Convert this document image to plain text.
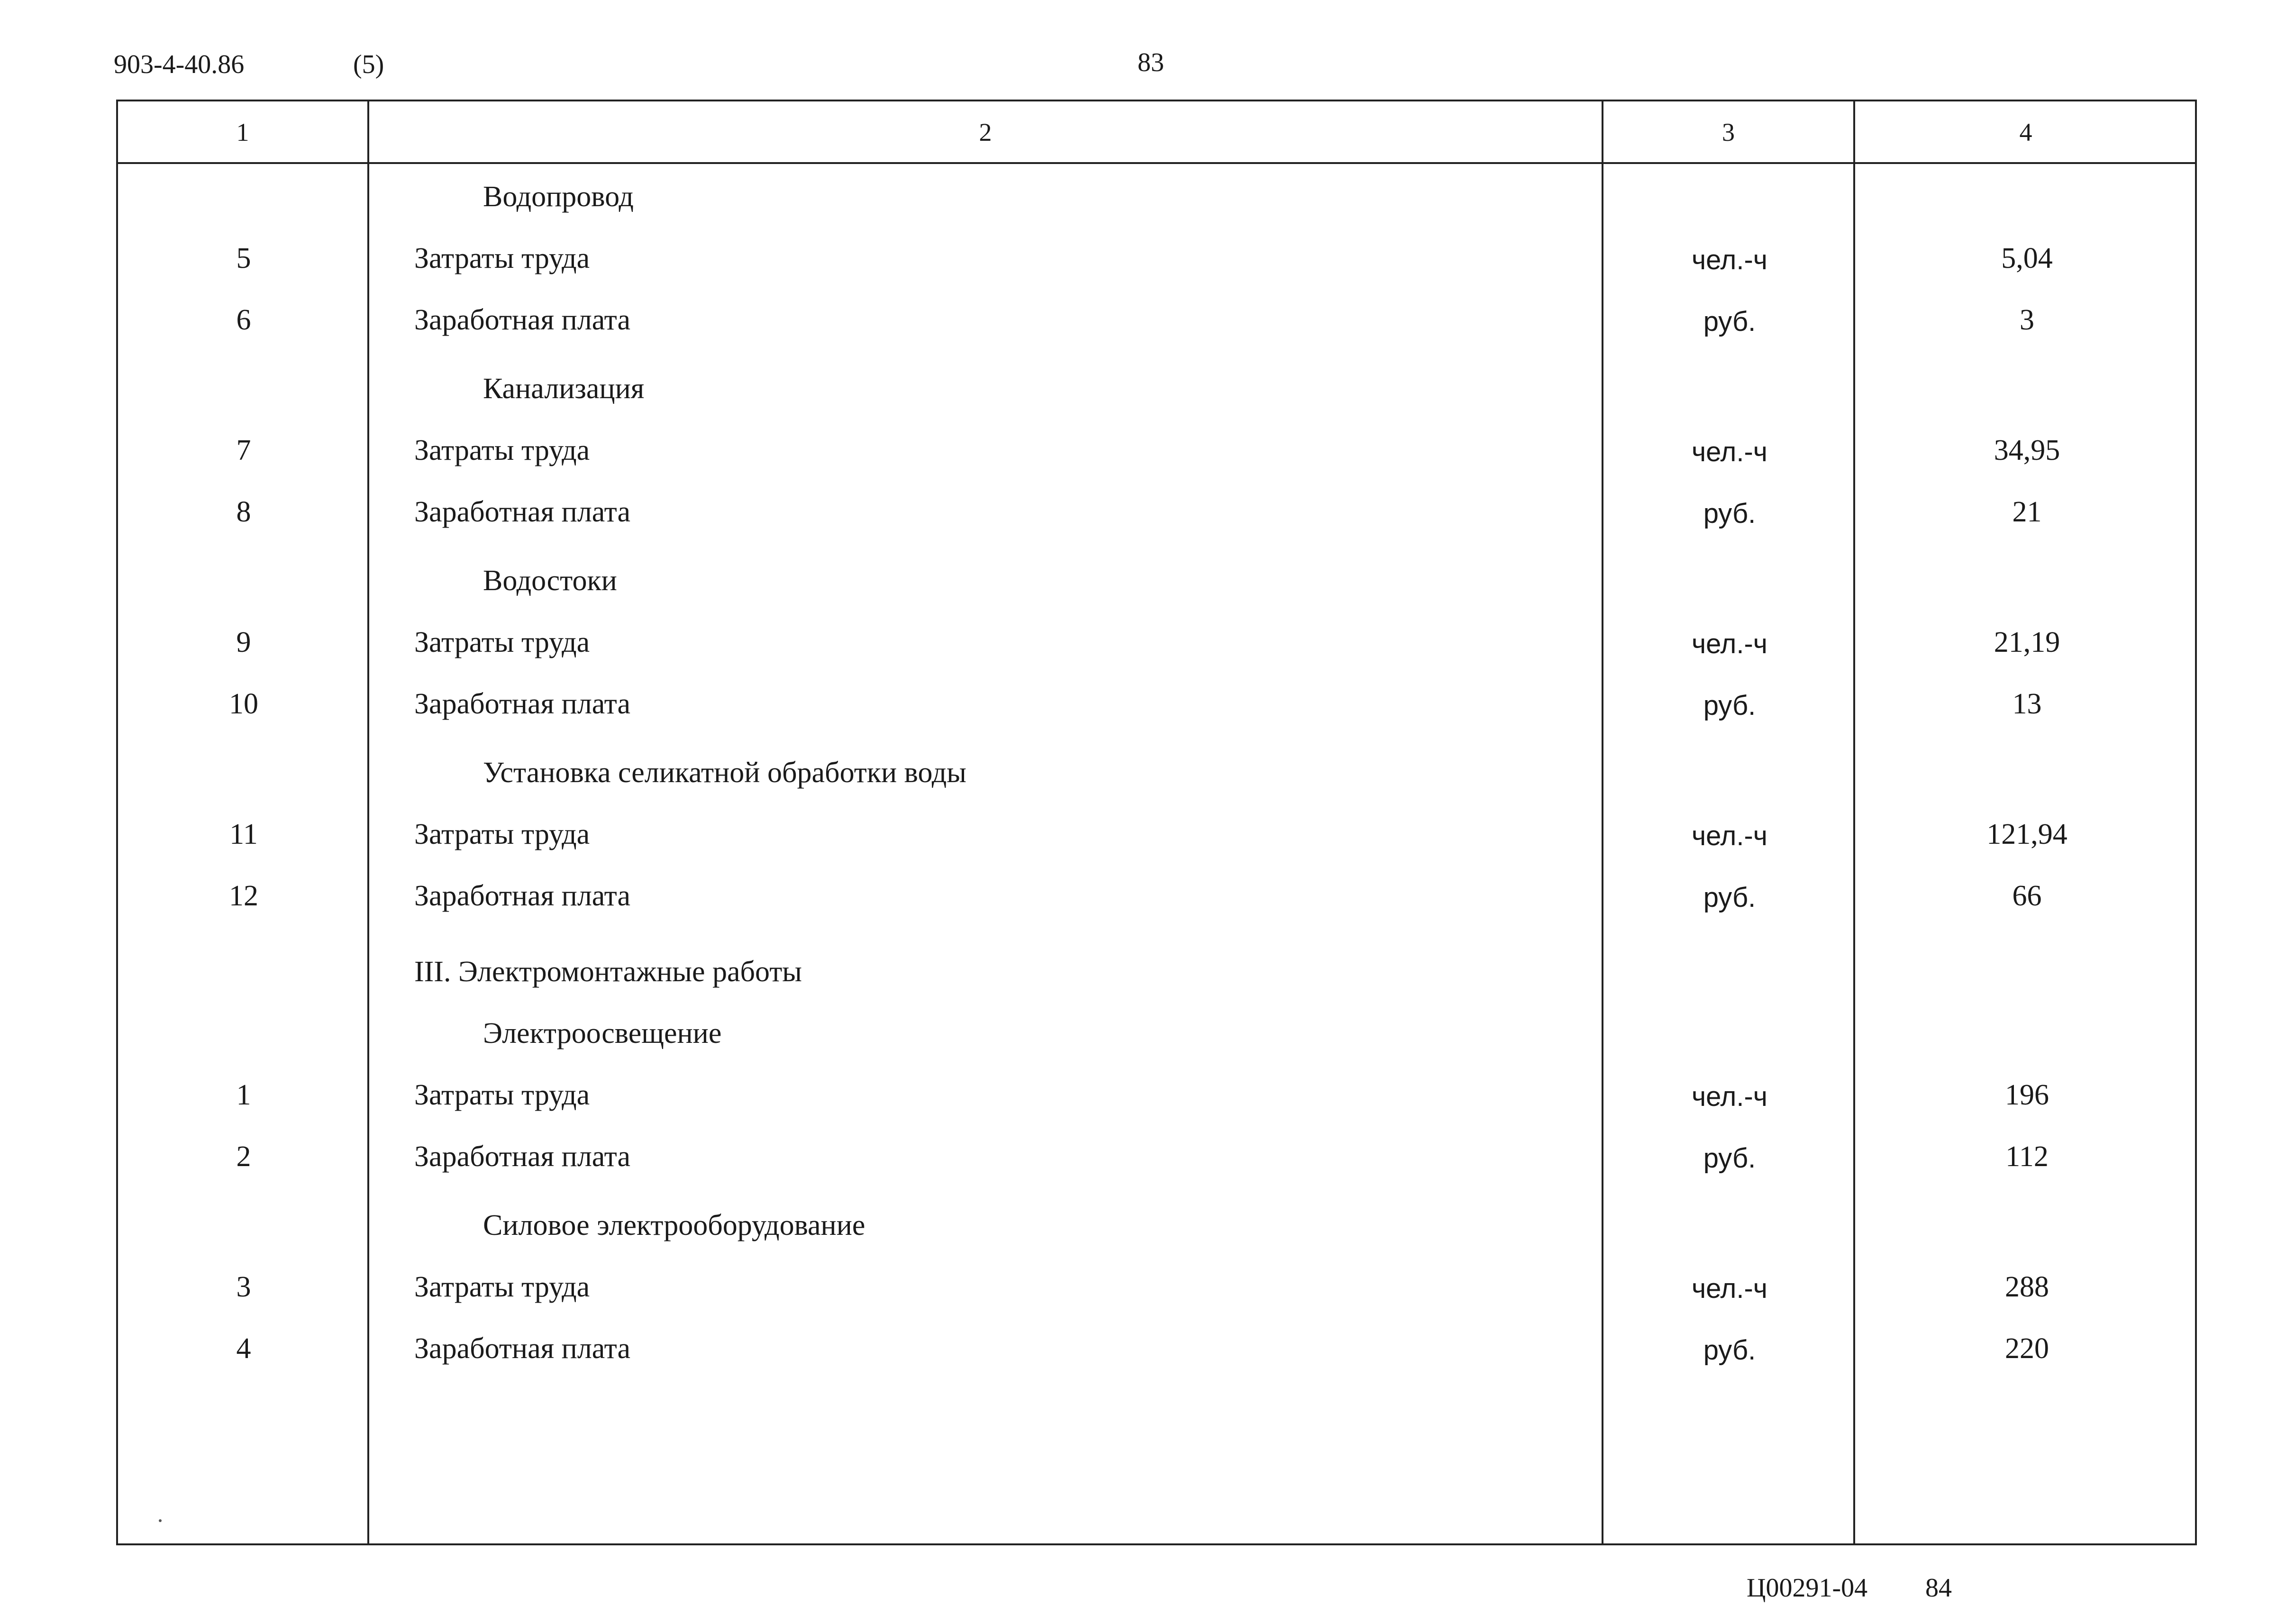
903-4-40.86	(5)	83
1	2	3	4
Водопровод
5	Затраты труда	чел.-ч	5,04
6	Заработная плата	руб.	3
Канализация
7	Затраты труда	чел.-ч	34,95
8	Заработная плата	руб.	21
Водостоки
9	Затраты труда	чел.-ч	21,19
10	Заработная плата	руб.	13
Установка селикатной обработки воды
11	Затраты труда	чел.-ч	121,94
12	Заработная плата	руб.	66
III. Электромонтажные работы
Электроосвещение
1	Затраты труда	чел.-ч	196
2	Заработная плата	руб.	112
Силовое электрооборудование
3	Затраты труда	чел.-ч	288
4	Заработная плата	руб.	220
Ц00291-04 84
